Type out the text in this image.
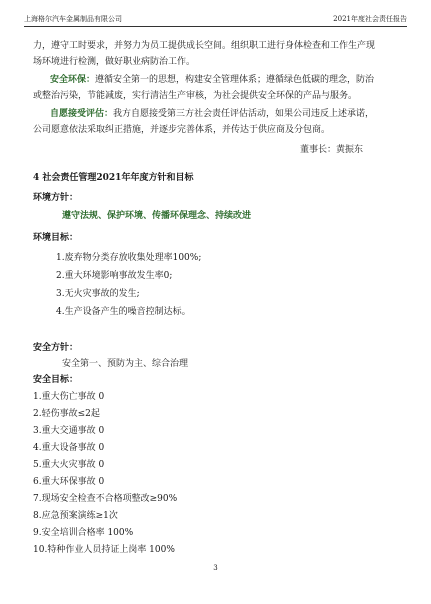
上海格尔汽车金属制品有限公司	2021年度社会责任报告
力，遵守工时要求，并努力为员工提供成长空间。组织职工进行身体检查和工作生产现
场环境进行检测，做好职业病防治工作。
安全环保：遵循安全第一的思想，构建安全管理体系；遵循绿色低碳的理念，防治
或整治污染，节能减废，实行清洁生产审核，为社会提供安全环保的产品与服务。
自愿接受评估：我方自愿接受第三方社会责任评估活动，如果公司违反上述承诺，
公司愿意依法采取纠正措施，并逐步完善体系，并传达于供应商及分包商。
董事长：黄振东
4 社会责任管理2021年年度方针和目标
环境方针：
遵守法规、保护环境、传播环保理念、持续改进
环境目标：
1.废弃物分类存放收集处理率100%;
2.重大环境影响事故发生率0;
3.无火灾事故的发生;
4.生产设备产生的噪音控制达标。
安全方针：
安全第一、预防为主、综合治理
安全目标：
1.重大伤亡事故 0
2.轻伤事故≤2起
3.重大交通事故 0
4.重大设备事故 0
5.重大火灾事故 0
6.重大环保事故 0
7.现场安全检查不合格项整改≥90%
8.应急预案演练≥1次
9.安全培训合格率 100%
10.特种作业人员持证上岗率 100%
3
